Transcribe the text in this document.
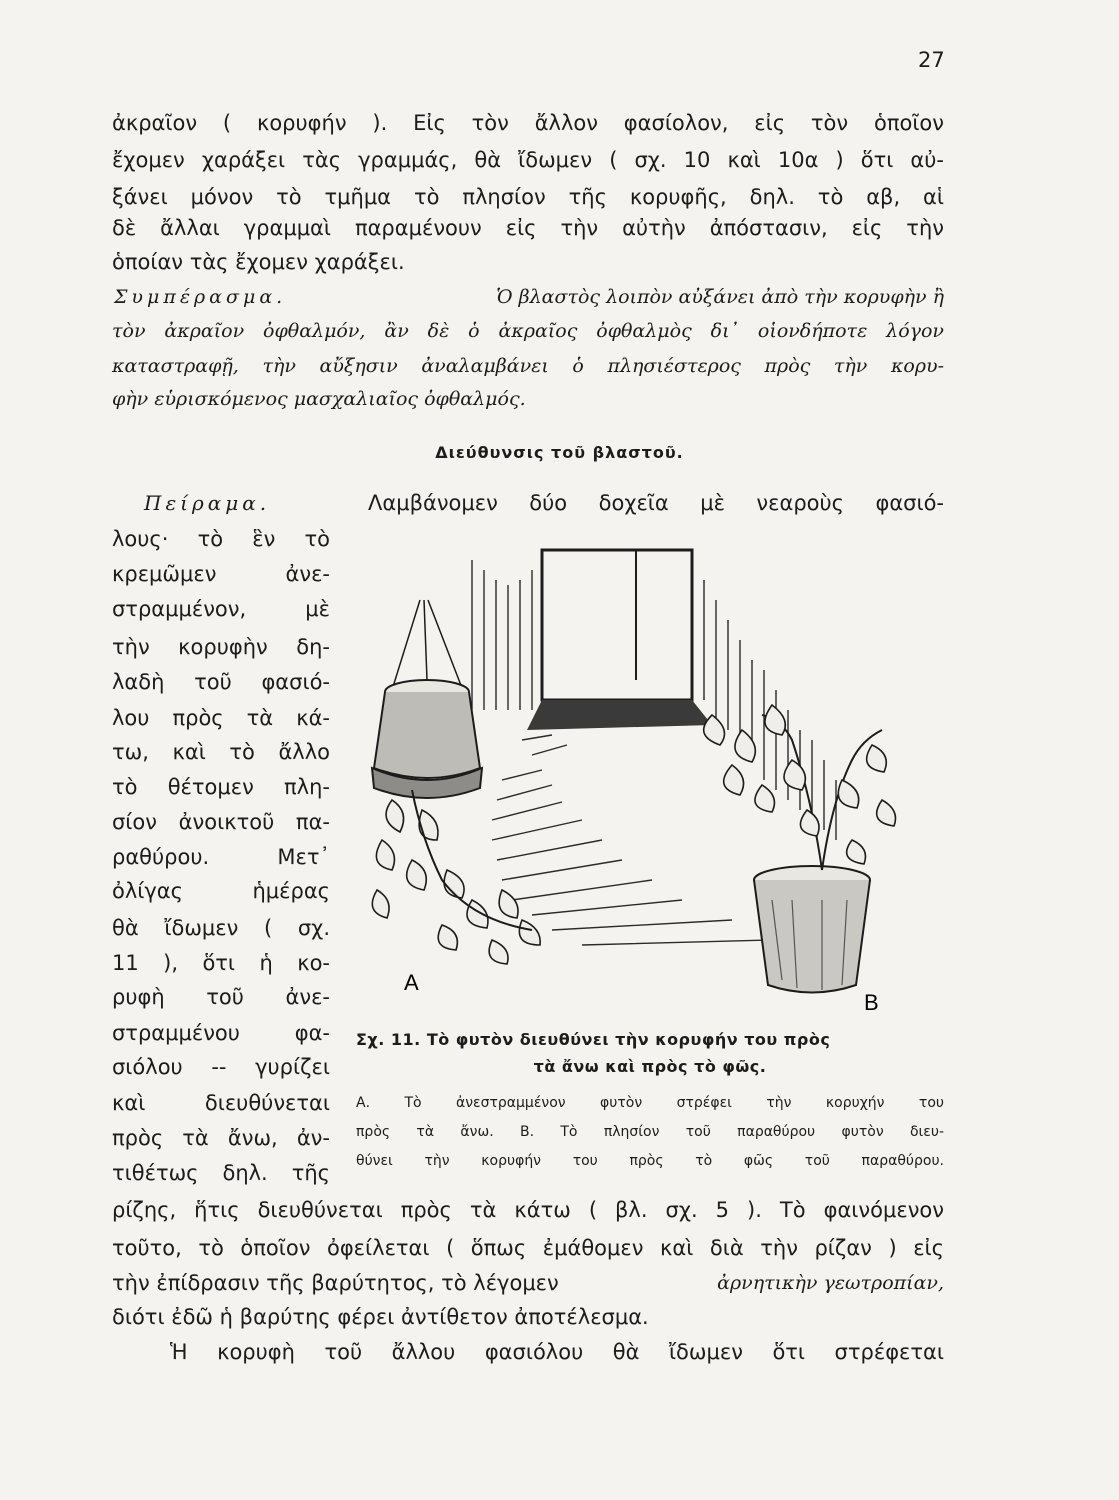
27
ἀκραῖον ( κορυφήν ). Εἰς τὸν ἄλλον φασίολον, εἰς τὸν ὁποῖον
ἔχομεν χαράξει τὰς γραμμάς, θὰ ἴδωμεν ( σχ. 10 καὶ 10α ) ὅτι αὐ-
ξάνει μόνον τὸ τμῆμα τὸ πλησίον τῆς κορυφῆς, δηλ. τὸ αβ, αἱ
δὲ ἄλλαι γραμμαὶ παραμένουν εἰς τὴν αὐτὴν ἀπόστασιν, εἰς τὴν
ὁποίαν τὰς ἔχομεν χαράξει.
Συμπέρασμα.	Ὁ βλαστὸς λοιπὸν αὐξάνει ἀπὸ τὴν κορυφὴν ἢ
τὸν ἀκραῖον ὀφθαλμόν, ἂν δὲ ὁ ἀκραῖος ὀφθαλμὸς δι᾽ οἱονδήποτε λόγον
καταστραφῇ, τὴν αὔξησιν ἀναλαμβάνει ὁ πλησιέστερος πρὸς τὴν κορυ-
φὴν εὑρισκόμενος μασχαλιαῖος ὀφθαλμός.
Διεύθυνσις τοῦ βλαστοῦ.
Πείραμα.	Λαμβάνομεν δύο δοχεῖα μὲ νεαροὺς φασιό-
λους· τὸ ἓν τὸ
κρεμῶμεν ἀνε-
στραμμένον, μὲ
τὴν κορυφὴν δη-
λαδὴ τοῦ φασιό-
λου πρὸς τὰ κά-
τω, καὶ τὸ ἄλλο
τὸ θέτομεν πλη-
σίον ἀνοικτοῦ πα-
ραθύρου. Μετ᾽
ὀλίγας ἡμέρας
θὰ ἴδωμεν ( σχ.
11 ), ὅτι ἡ κο-
ρυφὴ τοῦ ἀνε-
στραμμένου φα-
σιόλου -- γυρίζει
καὶ διευθύνεται
πρὸς τὰ ἄνω, ἀν-
τιθέτως δηλ. τῆς
Α
Β
Σχ. 11. Τὸ φυτὸν διευθύνει τὴν κορυφήν του πρὸς
τὰ ἄνω καὶ πρὸς τὸ φῶς.
Α. Τὸ ἀνεστραμμένον φυτὸν στρέφει τὴν κορυχήν του
πρὸς τὰ ἄνω. Β. Τὸ πλησίον τοῦ παραθύρου φυτὸν διευ-
θύνει τὴν κορυφήν του πρὸς τὸ φῶς τοῦ παραθύρου.
ρίζης, ἥτις διευθύνεται πρὸς τὰ κάτω ( βλ. σχ. 5 ). Τὸ φαινόμενον
τοῦτο, τὸ ὁποῖον ὀφείλεται ( ὅπως ἐμάθομεν καὶ διὰ τὴν ρίζαν ) εἰς
τὴν ἐπίδρασιν τῆς βαρύτητος, τὸ λέγομεν	ἀρνητικὴν γεωτροπίαν,
διότι ἐδῶ ἡ βαρύτης φέρει ἀντίθετον ἀποτέλεσμα.
Ἡ κορυφὴ τοῦ ἄλλου φασιόλου θὰ ἴδωμεν ὅτι στρέφεται
